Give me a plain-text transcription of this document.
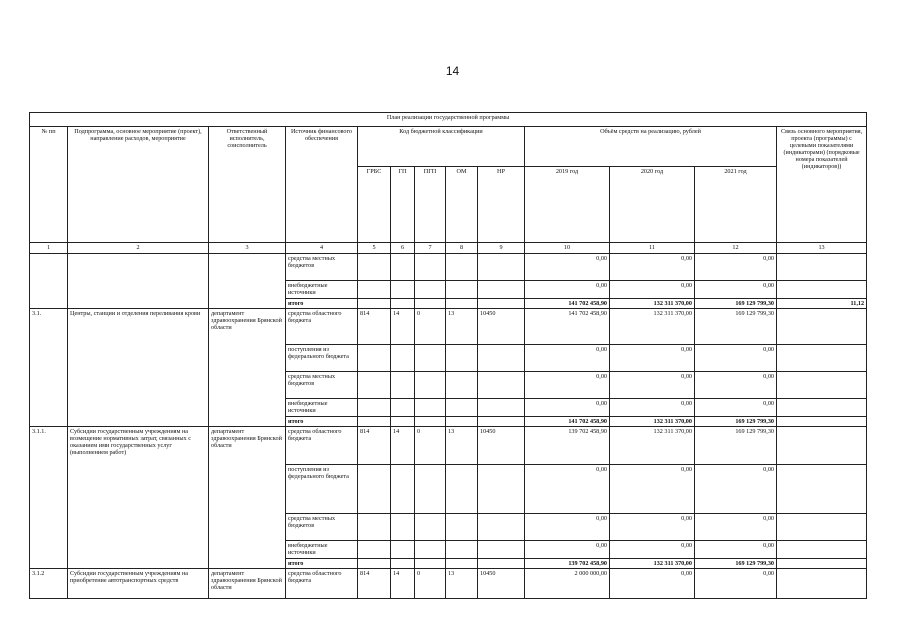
14
План реализации государственной программы												
№ пп	Подпрограмма, основное мероприятие (проект), направление расходов, мероприятие	Ответственный исполнитель, соисполнитель	Источник финансового обеспечения	Код бюджетной классификации					Объём средств на реализацию, рублей			Связь основного мероприятия, проекта (программы) с целевыми показателями (индикаторами) (порядковые номера показателей (индикаторов))
				ГРБС	ГП	ПГП	ОМ	НР	2019 год	2020 год	2021 год	
1	2	3	4	5	6	7	8	9	10	11	12	13
			средства местных бюджетов						0,00	0,00	0,00	
			внебюджетные источники						0,00	0,00	0,00	
			итого						141 702 458,90	132 311 370,00	169 129 799,30	11,12
3.1.	Центры, станции и отделения переливания крови	департамент здравоохранения Брянской области	средства областного бюджета	814	14	0	13	10450	141 702 458,90	132 311 370,00	169 129 799,30	
			поступления из федерального бюджета						0,00	0,00	0,00	
			средства местных бюджетов						0,00	0,00	0,00	
			внебюджетные источники						0,00	0,00	0,00	
			итого						141 702 458,90	132 311 370,00	169 129 799,30	
3.1.1.	Субсидии государственным учреждениям на возмещение нормативных затрат, связанных с оказанием ими государственных услуг (выполнением работ)	департамент здравоохранения Брянской области	средства областного бюджета	814	14	0	13	10450	139 702 458,90	132 311 370,00	169 129 799,30	
			поступления из федерального бюджета						0,00	0,00	0,00	
			средства местных бюджетов						0,00	0,00	0,00	
			внебюджетные источники						0,00	0,00	0,00	
			итого						139 702 458,90	132 311 370,00	169 129 799,30	
3.1.2	Субсидии государственным учреждениям на приобретение автотранспортных средств	департамент здравоохранения Брянской области	средства областного бюджета	814	14	0	13	10450	2 000 000,00	0,00	0,00	
